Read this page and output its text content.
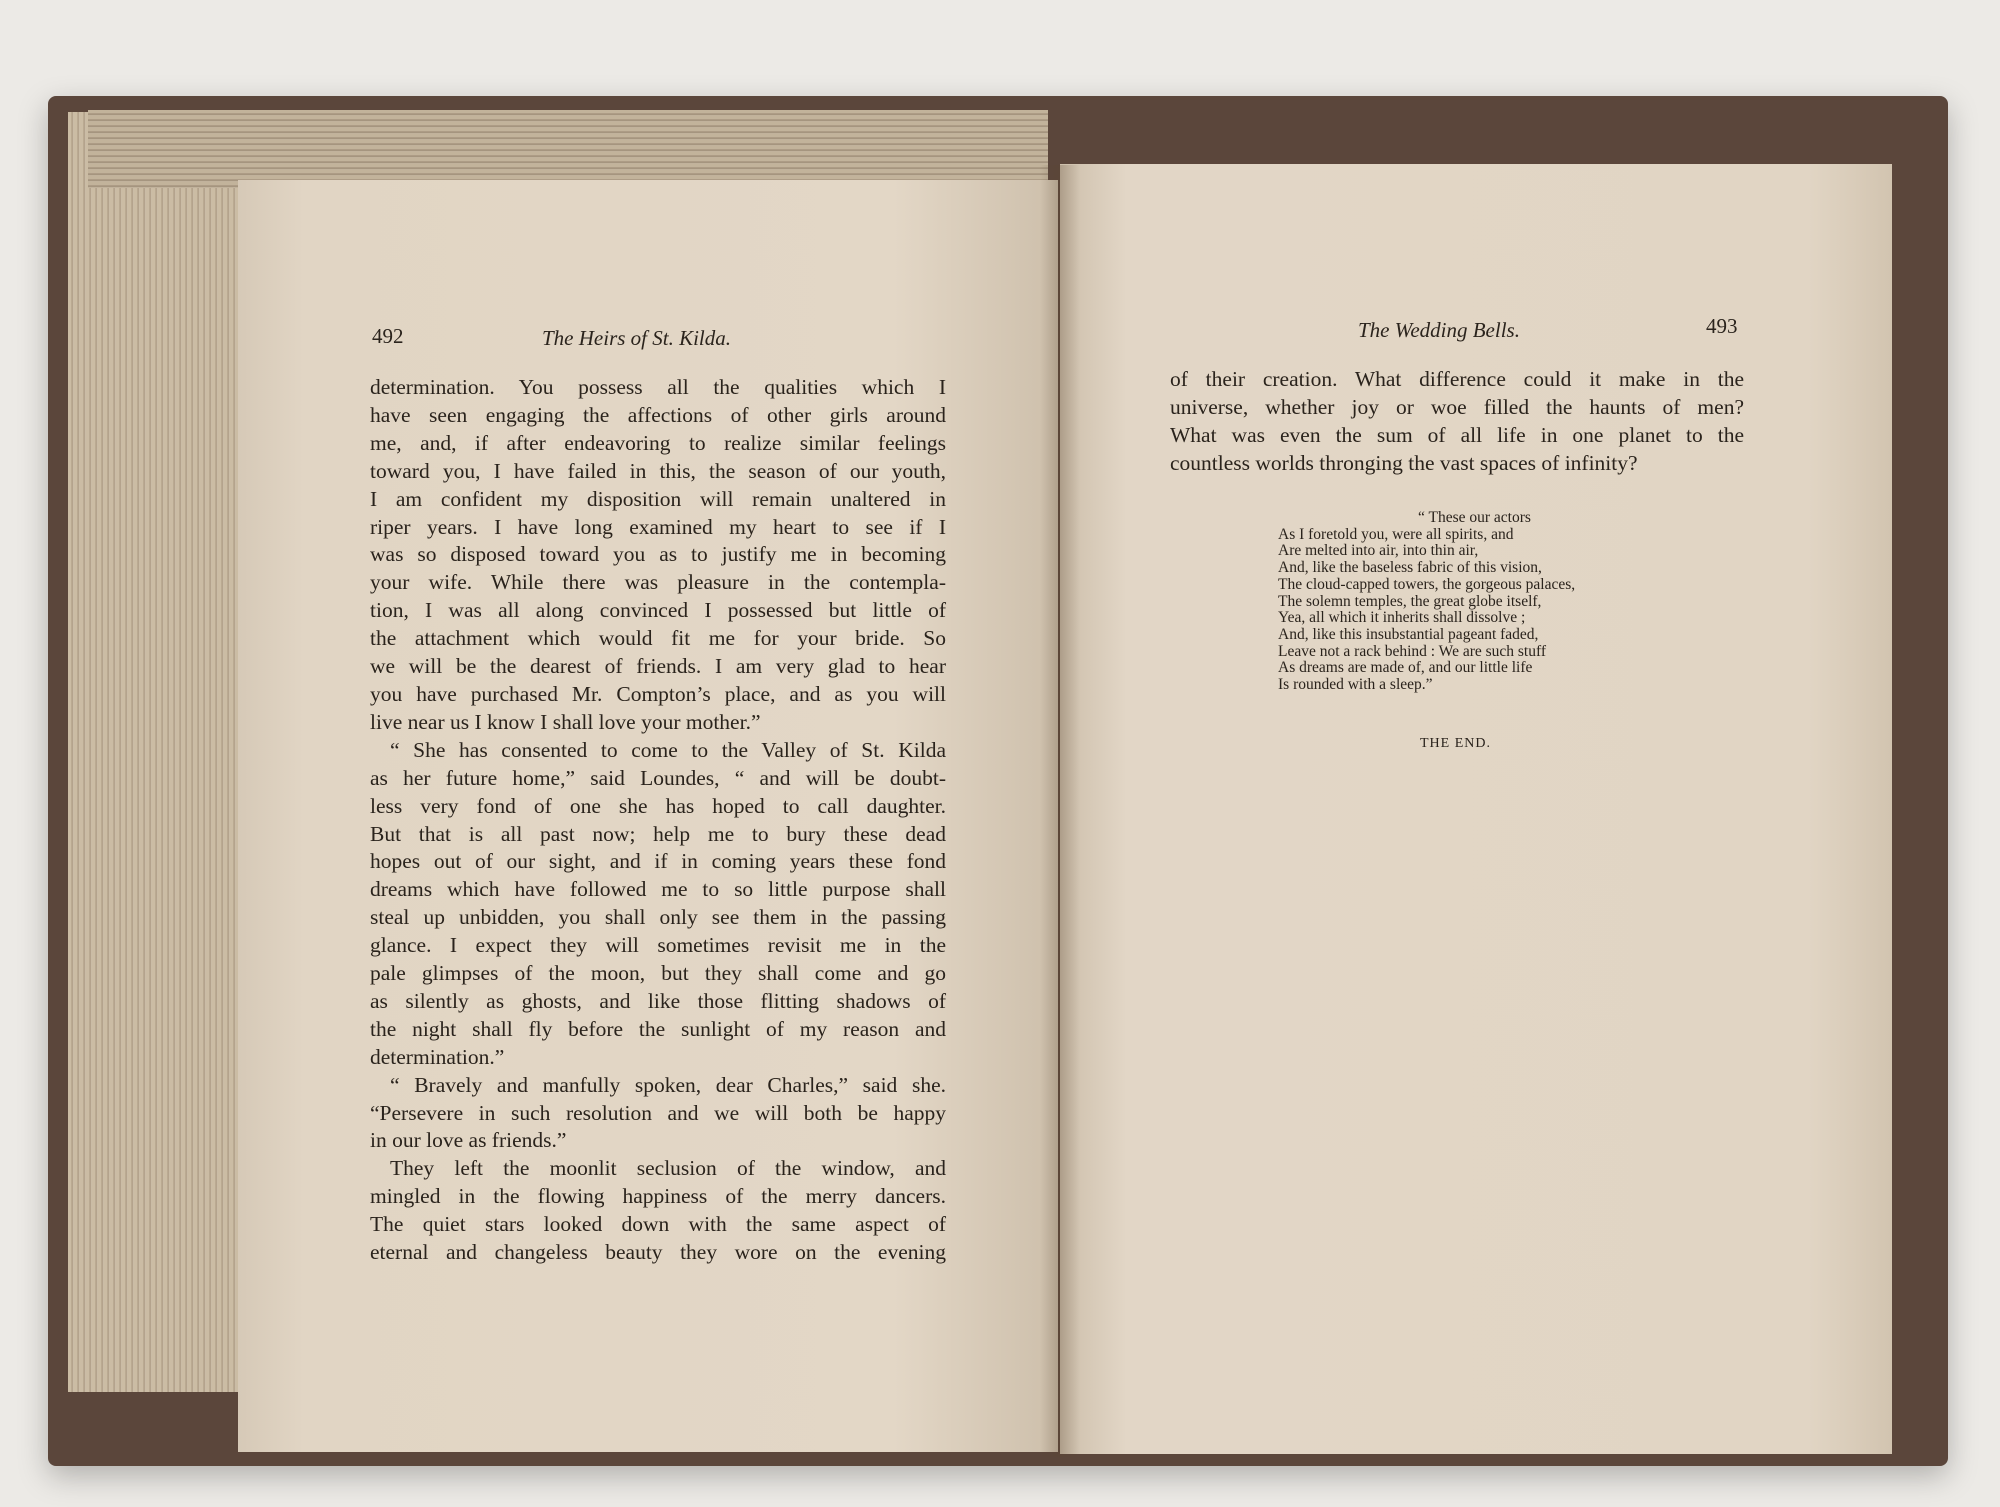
492	The Heirs of St. Kilda.	The Wedding Bells.	493
determination. You possess all the qualities which I
have seen engaging the affections of other girls around
me, and, if after endeavoring to realize similar feelings
toward you, I have failed in this, the season of our youth,
I am confident my disposition will remain unaltered in
riper years. I have long examined my heart to see if I
was so disposed toward you as to justify me in becoming
your wife. While there was pleasure in the contempla-
tion, I was all along convinced I possessed but little of
the attachment which would fit me for your bride. So
we will be the dearest of friends. I am very glad to hear
you have purchased Mr. Compton’s place, and as you will
live near us I know I shall love your mother.”
“ She has consented to come to the Valley of St. Kilda
as her future home,” said Loundes, “ and will be doubt-
less very fond of one she has hoped to call daughter.
But that is all past now; help me to bury these dead
hopes out of our sight, and if in coming years these fond
dreams which have followed me to so little purpose shall
steal up unbidden, you shall only see them in the passing
glance. I expect they will sometimes revisit me in the
pale glimpses of the moon, but they shall come and go
as silently as ghosts, and like those flitting shadows of
the night shall fly before the sunlight of my reason and
determination.”
“ Bravely and manfully spoken, dear Charles,” said she.
“Persevere in such resolution and we will both be happy
in our love as friends.”
They left the moonlit seclusion of the window, and
mingled in the flowing happiness of the merry dancers.
The quiet stars looked down with the same aspect of
eternal and changeless beauty they wore on the evening
of their creation. What difference could it make in the
universe, whether joy or woe filled the haunts of men?
What was even the sum of all life in one planet to the
countless worlds thronging the vast spaces of infinity?
“ These our actors
As I foretold you, were all spirits, and
Are melted into air, into thin air,
And, like the baseless fabric of this vision,
The cloud-capped towers, the gorgeous palaces,
The solemn temples, the great globe itself,
Yea, all which it inherits shall dissolve ;
And, like this insubstantial pageant faded,
Leave not a rack behind : We are such stuff
As dreams are made of, and our little life
Is rounded with a sleep.”
THE END.
